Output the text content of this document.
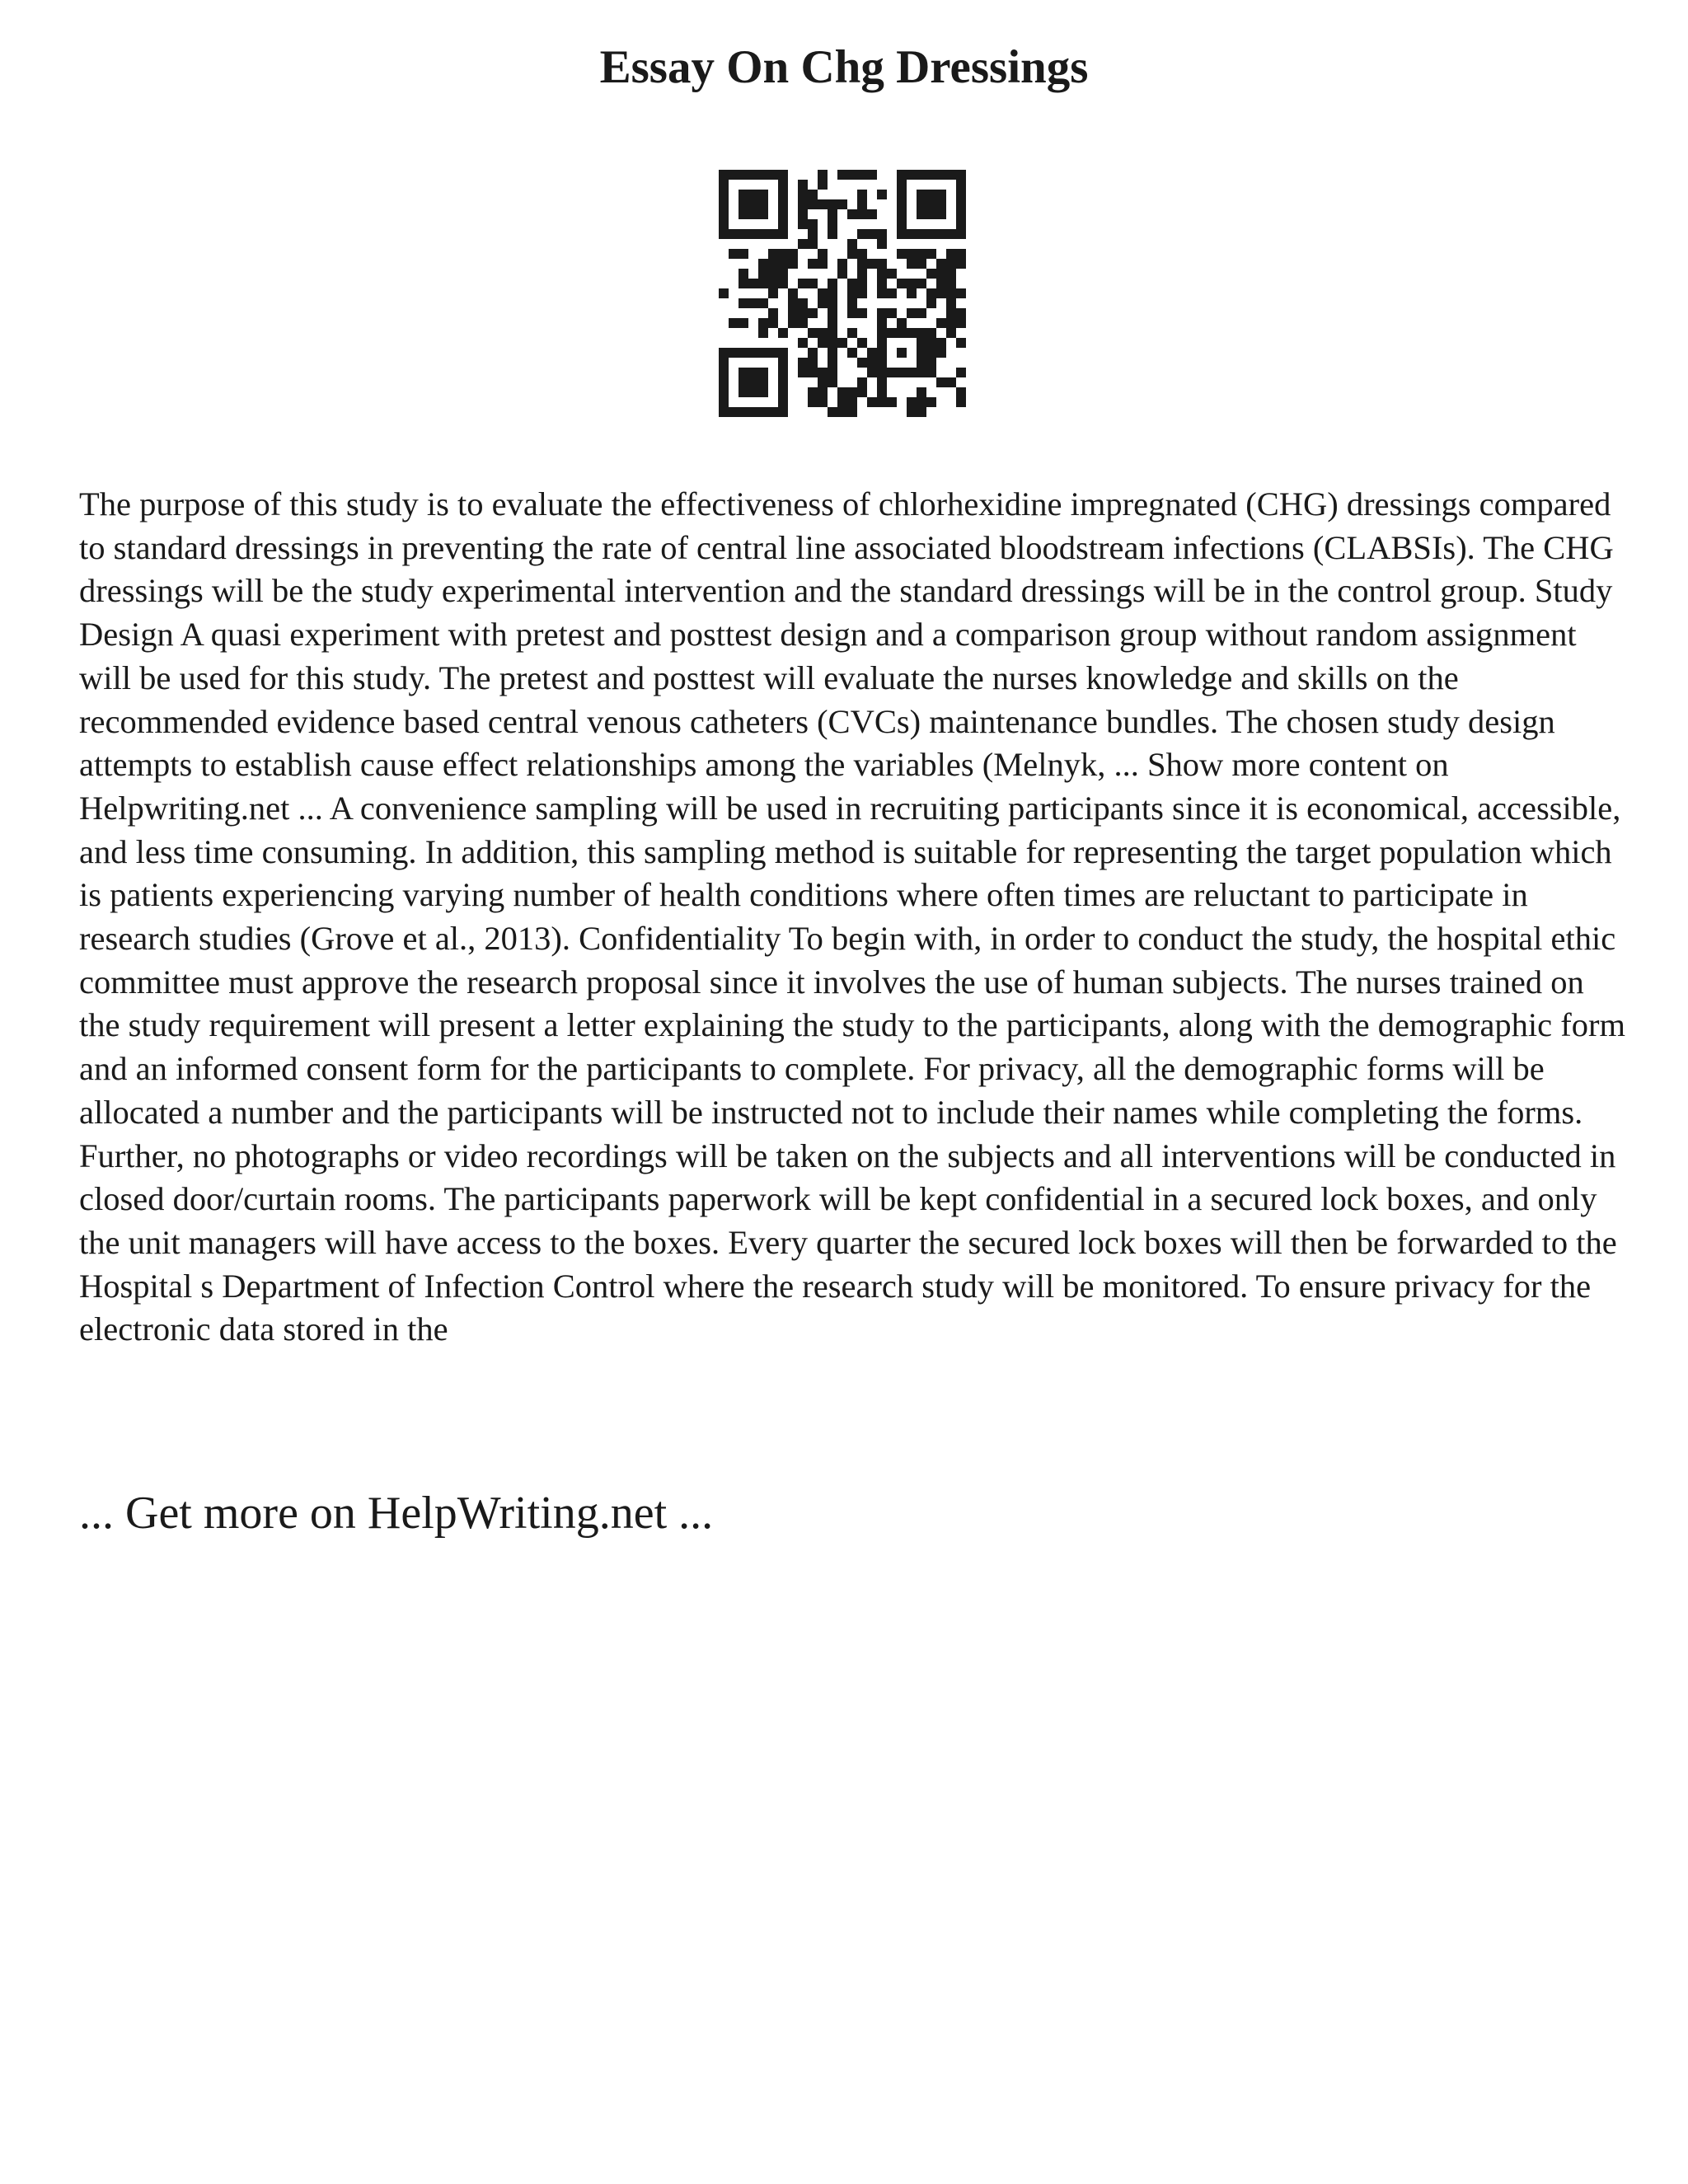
Essay On Chg Dressings

The purpose of this study is to evaluate the effectiveness of chlorhexidine impregnated (CHG) dressings compared to standard dressings in preventing the rate of central line associated bloodstream infections (CLABSIs). The CHG dressings will be the study experimental intervention and the standard dressings will be in the control group. Study Design A quasi experiment with pretest and posttest design and a comparison group without random assignment will be used for this study. The pretest and posttest will evaluate the nurses knowledge and skills on the recommended evidence based central venous catheters (CVCs) maintenance bundles. The chosen study design attempts to establish cause effect relationships among the variables (Melnyk, ... Show more content on Helpwriting.net ... A convenience sampling will be used in recruiting participants since it is economical, accessible, and less time consuming. In addition, this sampling method is suitable for representing the target population which is patients experiencing varying number of health conditions where often times are reluctant to participate in research studies (Grove et al., 2013). Confidentiality To begin with, in order to conduct the study, the hospital ethic committee must approve the research proposal since it involves the use of human subjects. The nurses trained on the study requirement will present a letter explaining the study to the participants, along with the demographic form and an informed consent form for the participants to complete. For privacy, all the demographic forms will be allocated a number and the participants will be instructed not to include their names while completing the forms. Further, no photographs or video recordings will be taken on the subjects and all interventions will be conducted in closed door/curtain rooms. The participants paperwork will be kept confidential in a secured lock boxes, and only the unit managers will have access to the boxes. Every quarter the secured lock boxes will then be forwarded to the Hospital s Department of Infection Control where the research study will be monitored. To ensure privacy for the electronic data stored in the

... Get more on HelpWriting.net ...
